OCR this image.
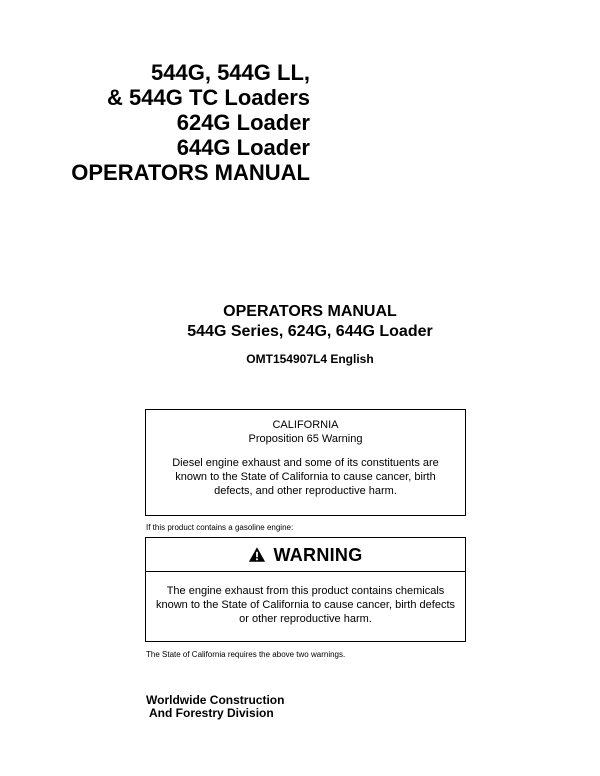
544G, 544G LL,
& 544G TC Loaders
624G Loader
644G Loader
OPERATORS MANUAL
OPERATORS MANUAL
544G Series, 624G, 644G Loader
OMT154907L4 English
CALIFORNIA
Proposition 65 Warning
Diesel engine exhaust and some of its constituents are known to the State of California to cause cancer, birth defects, and other reproductive harm.
If this product contains a gasoline engine:
WARNING
The engine exhaust from this product contains chemicals known to the State of California to cause cancer, birth defects or other reproductive harm.
The State of California requires the above two warnings.
Worldwide Construction
And Forestry Division
